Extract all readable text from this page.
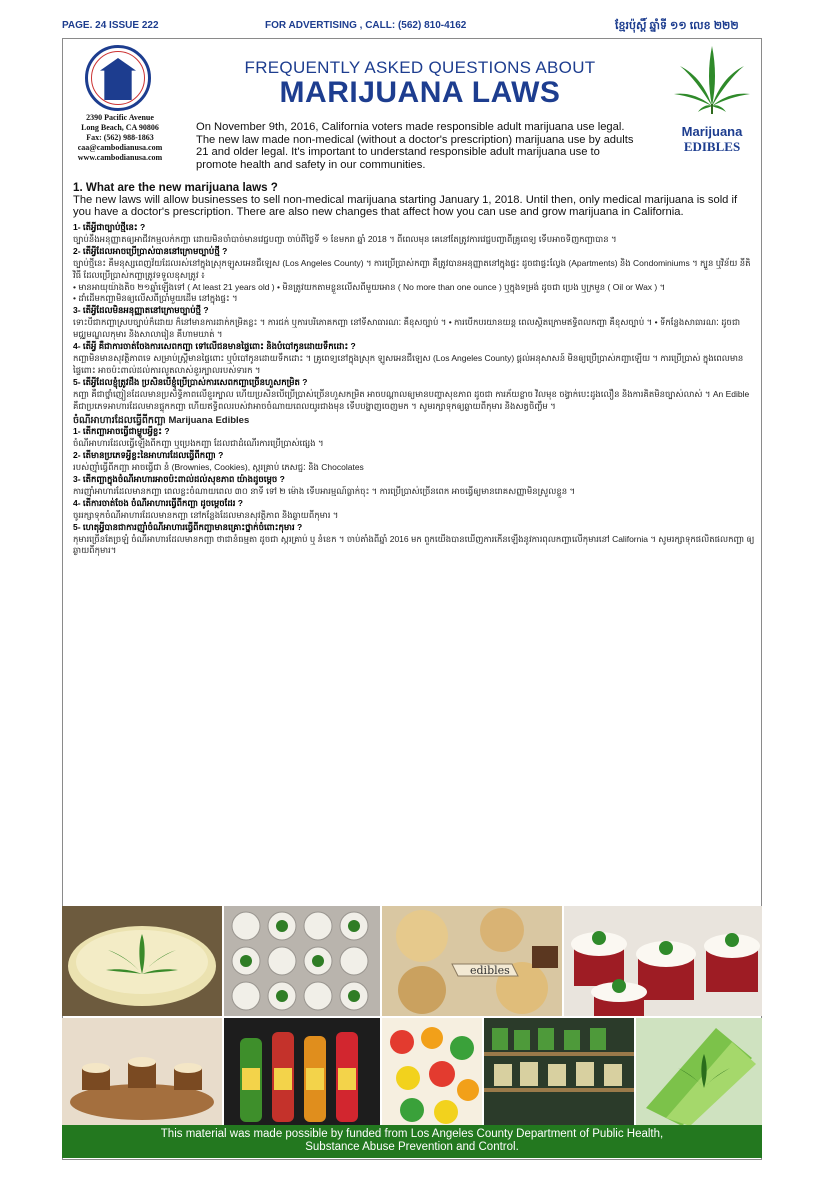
PAGE. 24 ISSUE 222	FOR ADVERTISING , CALL: (562) 810-4162	ខ្មែរប៉ុស្ដិ៍ ឆ្នាំទី ១១ លេខ ២២២
2390 Pacific Avenue
Long Beach, CA 90806
Fax: (562) 988-1863
caa@cambodianusa.com
www.cambodianusa.com
FREQUENTLY ASKED QUESTIONS ABOUT
MARIJUANA LAWS
On November 9th, 2016, California voters made responsible adult marijuana use legal. The new law made non-medical (without a doctor's prescription) marijuana use by adults 21 and older legal. It's important to understand responsible adult marijuana use to promote health and safety in our communities.
Marijuana
EDIBLES
1. What are the new marijuana laws ?
The new laws will allow businesses to sell non-medical marijuana starting January 1, 2018. Until then, only medical marijuana is sold if you have a doctor's prescription. There are also new changes that affect how you can use and grow marijuana in California.
1- តើអ្វីជាច្បាប់ថ្មីនេះ ?
ច្បាប់នឹងអនុញ្ញាតឲ្យអាជីវកម្មលក់កញ្ឆា ដោយមិនចាំបាច់មានវេជ្ជបញ្ជា ចាប់ពីថ្ងៃទី ១ ខែមករា ឆ្នាំ 2018 ។ ពីពេលមុន គេនៅតែត្រូវការវេជ្ជបញ្ជាពីគ្រូពេទ្យ ទើបអាចទិញកញ្ឆាបាន ។
2- តើអ្វីដែលអាចប្រើប្រាស់បាននៅក្រោមច្បាប់ថ្មី ?
ច្បាប់ថ្មីនេះ គឺមនុស្សពេញវ័យដែលរស់នៅក្នុងស្រុកឡូសអេនជឺឡេស (Los Angeles County) ។ ការប្រើប្រាស់កញ្ឆា គឺត្រូវបានអនុញ្ញាតនៅក្នុងផ្ទះ ដូចជាផ្ទះល្វែង (Apartments) និង Condominiums ។ ក្បួន ឬវិន័យ នីតិវិធី ដែលប្រើប្រាស់កញ្ឆាត្រូវទទួលខុសត្រូវ ៖
• មានអាយុយ៉ាងតិច ២១ឆ្នាំឡើងទៅ ( At least 21 years old ) • មិនត្រូវយកតាមខ្លួនលើសពីមួយអោន ( No more than one ounce ) ឬក្នុងទម្រង់ ដូចជា ប្រេង ឬក្រមួន ( Oil or Wax ) ។
• ដាំដើមកញ្ឆាមិនឲ្យលើសពីប្រាំមួយដើម នៅក្នុងផ្ទះ ។
3- តើអ្វីដែលមិនអនុញ្ញាតនៅក្រោមច្បាប់ថ្មី ?
ទោះបីជាកញ្ឆាស្របច្បាប់ក៏ដោយ ក៏នៅមានការដាក់កម្រិតខ្លះ ។ ការជក់ ឬការបរិភោគកញ្ឆា នៅទីសាធារណៈ គឺខុសច្បាប់ ។ • ការបើកបរយានយន្ត ពេលស្ថិតក្រោមឥទ្ធិពលកញ្ឆា គឺខុសច្បាប់ ។ • ទីកន្លែងសាធារណៈ ដូចជាមជ្ឈមណ្ឌលកុមារ និងសាលារៀន គឺហាមឃាត់ ។
4- តើអ្វី គឺជាការចាត់ចែងការសេពកញ្ឆា ទៅលើជនមានផ្ទៃពោះ និងបំបៅកូនដោយទឹកដោះ ?
កញ្ឆាមិនមានសុវត្ថិភាពទេ សម្រាប់ស្ត្រីមានផ្ទៃពោះ ឬបំបៅកូនដោយទឹកដោះ ។ គ្រូពេទ្យនៅក្នុងស្រុក ឡូសអេនជឺឡេស (Los Angeles County) ផ្តល់អនុសាសន៍ មិនឲ្យប្រើប្រាស់កញ្ឆាឡើយ ។ ការប្រើប្រាស់ ក្នុងពេលមានផ្ទៃពោះ អាចប៉ះពាល់ដល់ការលូតលាស់ខួរក្បាលរបស់ទារក ។
5- តើអ្វីដែលខ្ញុំត្រូវដឹង ប្រសិនបើខ្ញុំប្រើប្រាស់ការសេពកញ្ឆាច្រើនហួសកម្រិត ?
កញ្ឆា គឺជាថ្នាំញៀនដែលមានប្រសិទ្ធិភាពលើខួរក្បាល ហើយប្រសិនបើប្រើប្រាស់ច្រើនហួសកម្រិត អាចបណ្តាលឲ្យមានបញ្ហាសុខភាព ដូចជា ការភ័យខ្លាច វិលមុខ ចង្វាក់បេះដូងលឿន និងការគិតមិនច្បាស់លាស់ ។ An Edible គឺជាប្រភេទអាហារដែលមានផ្ទុកកញ្ឆា ហើយឥទ្ធិពលរបស់វាអាចចំណាយពេលយូរជាងមុន ទើបបង្ហាញចេញមក ។ សូមរក្សាទុកឲ្យឆ្ងាយពីកុមារ និងសត្វចិញ្ចឹម ។
ចំណីអាហារដែលធ្វើពីកញ្ឆា Marijuana Edibles
1- តើកញ្ឆាអាចធ្វើជាម្ហូបអ្វីខ្លះ ?
ចំណីអាហារដែលធ្វើឡើងពីកញ្ឆា ឬប្រេងកញ្ឆា ដែលជាដំណើរការប្រើប្រាស់ផ្សេង ។
2- តើមានប្រភេទអ្វីខ្លះនៃអាហារដែលធ្វើពីកញ្ឆា ?
របស់ញ៉ាំធ្វើពីកញ្ឆា អាចធ្វើជា នំ (Brownies, Cookies), ស្ករគ្រាប់ ភេសជ្ជៈ និង Chocolates
3- តើកញ្ឆាក្នុងចំណីអាហារអាចប៉ះពាល់ដល់សុខភាព យ៉ាងដូចម្តេច ?
ការញ៉ាំអាហារដែលមានកញ្ឆា ពេលខ្លះចំណាយពេល ៣០ នាទី ទៅ ២ ម៉ោង ទើបអារម្មណ៍ធ្លាក់ចុះ ។ ការប្រើប្រាស់ច្រើនពេក អាចធ្វើឲ្យមានរោគសញ្ញាមិនស្រួលខ្លួន ។
4- តើការចាត់ចែង ចំណីអាហារធ្វើពីកញ្ឆា ដូចម្តេចដែរ ?
ចូររក្សាទុកចំណីអាហារដែលមានកញ្ឆា នៅកន្លែងដែលមានសុវត្ថិភាព និងឆ្ងាយពីកុមារ ។
5- ហេតុអ្វីបានជាការញ៉ាំចំណីអាហារធ្វើពីកញ្ឆាមានគ្រោះថ្នាក់ចំពោះកុមារ ?
កុមារច្រើនតែច្រឡំ ចំណីអាហារដែលមានកញ្ឆា ថាជានំធម្មតា ដូចជា ស្ករគ្រាប់ ឬ នំខេក ។ ចាប់តាំងពីឆ្នាំ 2016 មក ពួកយើងបានឃើញការកើនឡើងនូវការពុលកញ្ឆាលើកុមារនៅ California ។ សូមរក្សាទុកផលិតផលកញ្ឆា ឲ្យឆ្ងាយពីកុមារ។
edibles
This material was made possible by funded from Los Angeles County Department of Public Health,
Substance Abuse Prevention and Control.
